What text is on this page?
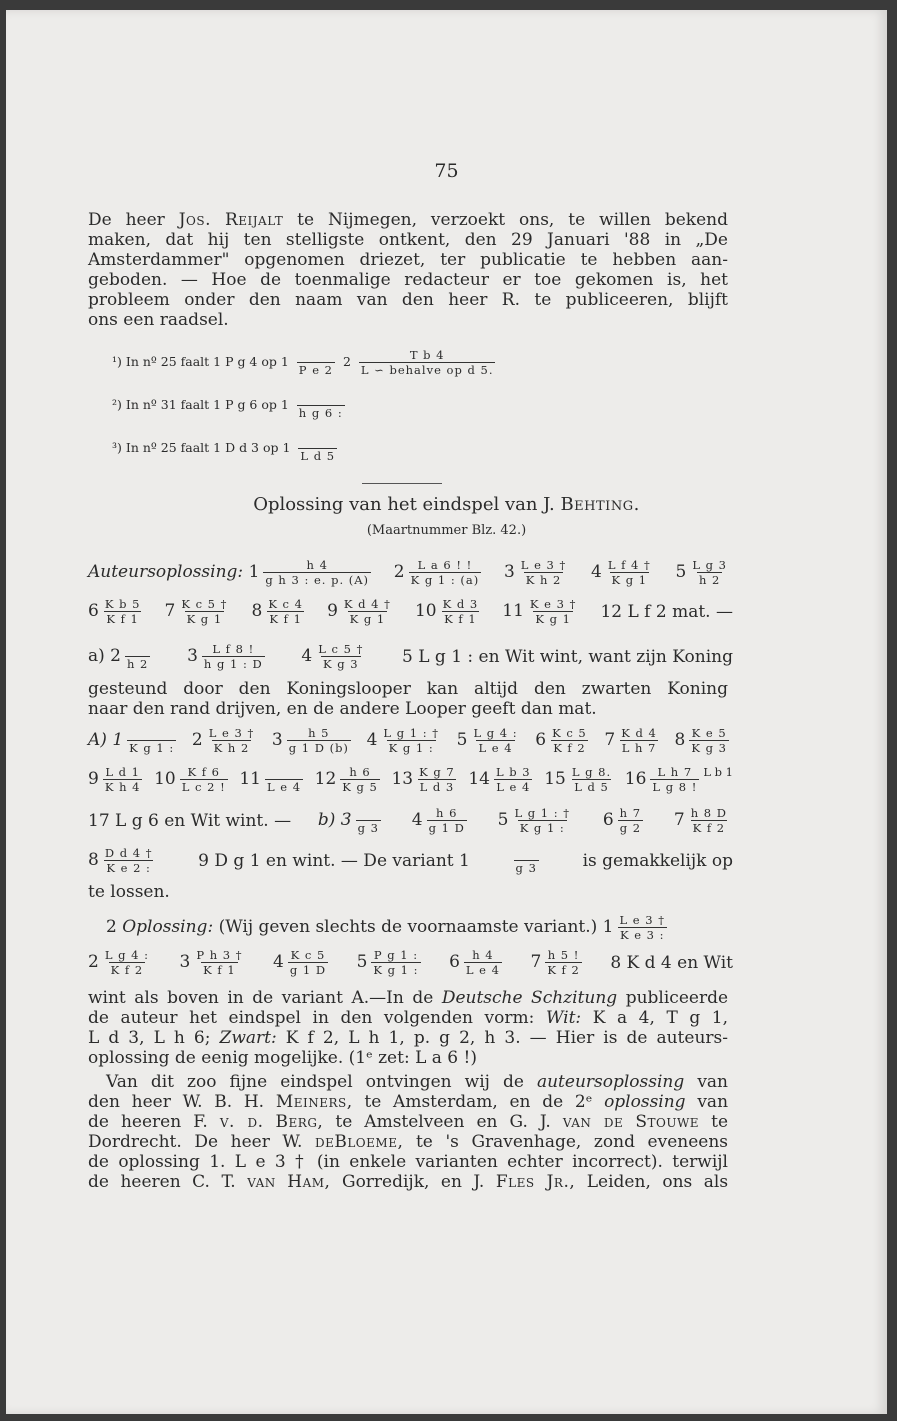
75
De heer Jos. Reijalt te Nijmegen, verzoekt ons, te willen bekend
maken, dat hij ten stelligste ontkent, den 29 Januari '88 in „De
Amsterdammer" opgenomen driezet, ter publicatie te hebben aan-
geboden. — Hoe de toenmalige redacteur er toe gekomen is, het
probleem onder den naam van den heer R. te publiceeren, blijft
ons een raadsel.
¹) In nº 25 faalt 1 P g 4 op 1
P e 2
$2 \frac{\text{T b 4}}{\text{L ∽ behalve op d 5.}}$
²) In nº 31 faalt 1 P g 6 op 1
h g 6 :
³) In nº 25 faalt 1 D d 3 op 1
L d 5
Oplossing van het eindspel van J. Behting.
(Maartnummer Blz. 42.)
Auteursoplossing: $1 \frac{h 4}{\text{g h 3 : e. p. (A)}} 2 \frac{\text{L a 6 ! !}}{\text{K g 1 : (a)}} 3 \frac{\text{L e 3 †}}{\text{K h 2}} 4 \frac{\text{L f 4 †}}{\text{K g 1}} 5 \frac{\text{L g 3}}{h 2}$
$6 \frac{\text{K b 5}}{\text{K f 1}} 7 \frac{\text{K c 5 †}}{\text{K g 1}} 8 \frac{\text{K c 4}}{\text{K f 1}} 9 \frac{\text{K d 4 †}}{\text{K g 1}} 10 \frac{\text{K d 3}}{\text{K f 1}} 11 \frac{\text{K e 3 †}}{\text{K g 1}} 12$ L f 2 mat. —
a) 2 h 2 $3 \frac{\text{L f 8 !}}{\text{h g 1 : D}} 4 \frac{\text{L c 5 †}}{\text{K g 3}} 5$ L g 1 : en Wit wint, want zijn Koning
gesteund door den Koningslooper kan altijd den zwarten Koning
naar den rand drijven, en de andere Looper geeft dan mat.
A) 1 K g 1 : $2 \frac{\text{L e 3 †}}{\text{K h 2}} 3 \frac{h 5}{g 1 D (b)} 4 \frac{\text{L g 1 : †}}{\text{K g 1 :}} 5 \frac{\text{L g 4 :}}{\text{L e 4}} 6 \frac{\text{K c 5}}{\text{K f 2}} 7 \frac{\text{K d 4}}{\text{L h 7}} 8 \frac{\text{K e 5}}{\text{K g 3}}$
$9 \frac{\text{L d 1}}{\text{K h 4}} 10 \frac{\text{K f 6}}{\text{L c 2 !}} 11$ L e 4 $12 \frac{h 6}{\text{K g 5}} 13 \frac{\text{K g 7}}{\text{L d 3}} 14 \frac{\text{L b 3}}{\text{L e 4}} 15 \frac{\text{L g 8.}}{\text{L d 5}} 16 \frac{\text{L h 7}}{\text{L g 8 !}} ^{L b 1}$
17 L g 6 en Wit wint. — b) 3 g 3 $4 \frac{h 6}{g 1 D} 5 \frac{\text{L g 1 : †}}{\text{K g 1 :}} 6 \frac{h 7}{g 2} 7 \frac{h 8 D}{\text{K f 2}}$
$8 \frac{\text{D d 4 †}}{\text{K e 2 :}}$	9 D g 1 en wint. — De variant 1	g 3	is gemakkelijk op
te lossen.
2 Oplossing: (Wij geven slechts de voornaamste variant.) $1 \frac{\text{L e 3 †}}{\text{K e 3 :}}$
$2 \frac{\text{L g 4 :}}{\text{K f 2}} 3 \frac{\text{P h 3 †}}{\text{K f 1}} 4 \frac{\text{K c 5}}{g 1 D} 5 \frac{\text{P g 1 :}}{\text{K g 1 :}} 6 \frac{h 4}{\text{L e 4}} 7 \frac{h 5 !}{\text{K f 2}} 8$ K d 4 en Wit
wint als boven in de variant A.—In de Deutsche Schzitung publiceerde
de auteur het eindspel in den volgenden vorm: Wit: K a 4, T g 1,
L d 3, L h 6; Zwart: K f 2, L h 1, p. g 2, h 3. — Hier is de auteurs-
oplossing de eenig mogelijke. (1ᵉ zet: L a 6 !)
Van dit zoo fijne eindspel ontvingen wij de auteursoplossing van
den heer W. B. H. Meiners, te Amsterdam, en de 2ᵉ oplossing van
de heeren F. v. d. Berg, te Amstelveen en G. J. van de Stouwe te
Dordrecht. De heer W. deBloeme, te 's Gravenhage, zond eveneens
de oplossing 1. L e 3 † (in enkele varianten echter incorrect). terwijl
de heeren C. T. van Ham, Gorredijk, en J. Fles Jr., Leiden, ons als
